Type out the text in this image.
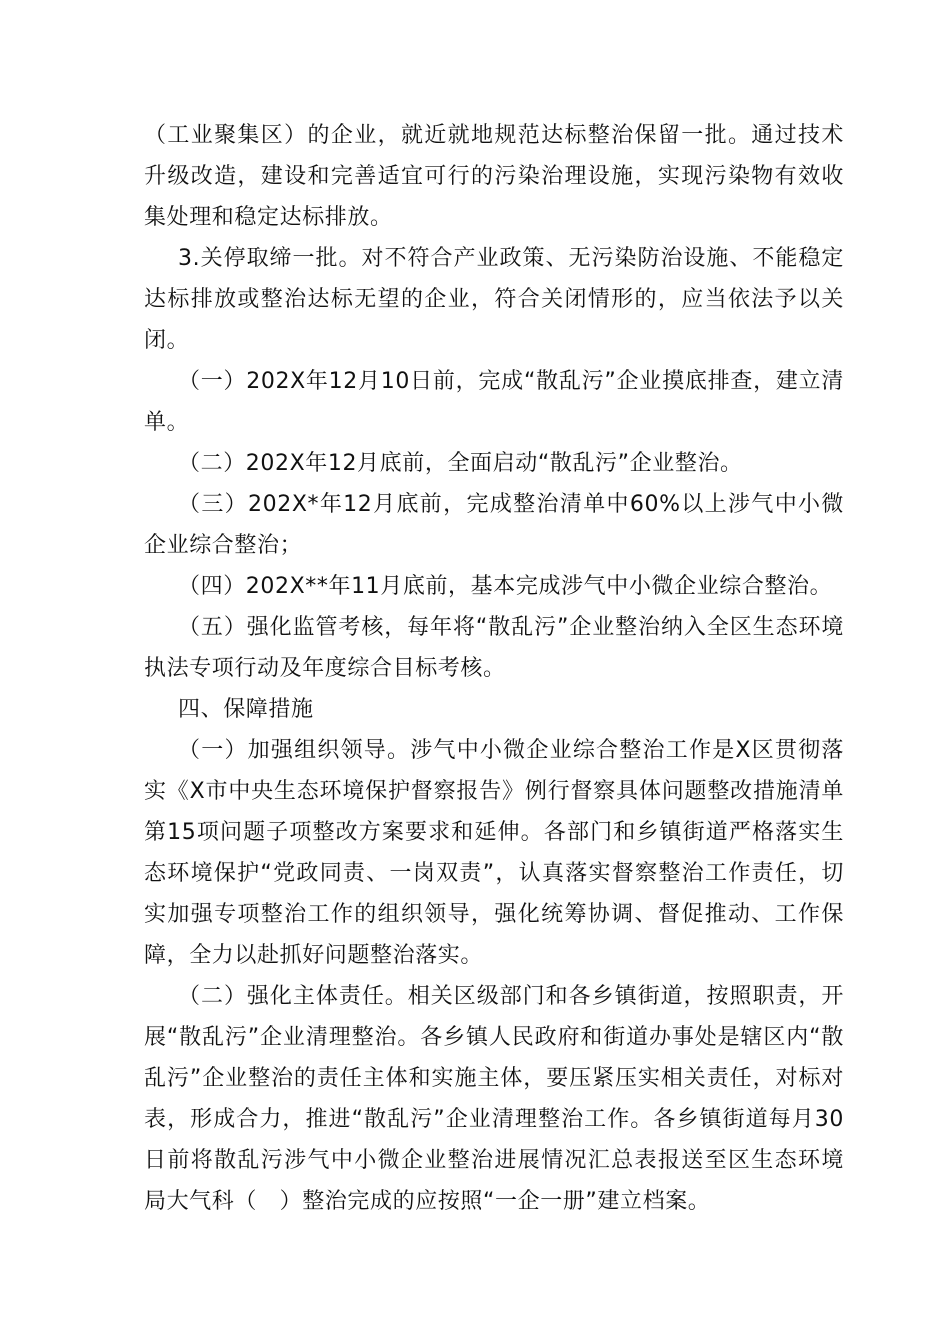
（工业聚集区）的企业，就近就地规范达标整治保留一批。通过技术升级改造，建设和完善适宜可行的污染治理设施，实现污染物有效收集处理和稳定达标排放。

3.关停取缔一批。对不符合产业政策、无污染防治设施、不能稳定达标排放或整治达标无望的企业，符合关闭情形的，应当依法予以关闭。

（一）202X年12月10日前，完成“散乱污”企业摸底排查，建立清单。

（二）202X年12月底前，全面启动“散乱污”企业整治。

（三）202X*年12月底前，完成整治清单中60%以上涉气中小微企业综合整治；

（四）202X**年11月底前，基本完成涉气中小微企业综合整治。

（五）强化监管考核，每年将“散乱污”企业整治纳入全区生态环境执法专项行动及年度综合目标考核。

四、保障措施

（一）加强组织领导。涉气中小微企业综合整治工作是X区贯彻落实《X市中央生态环境保护督察报告》例行督察具体问题整改措施清单第15项问题子项整改方案要求和延伸。各部门和乡镇街道严格落实生态环境保护“党政同责、一岗双责”，认真落实督察整治工作责任，切实加强专项整治工作的组织领导，强化统筹协调、督促推动、工作保障，全力以赴抓好问题整治落实。

（二）强化主体责任。相关区级部门和各乡镇街道，按照职责，开展“散乱污”企业清理整治。各乡镇人民政府和街道办事处是辖区内“散乱污”企业整治的责任主体和实施主体，要压紧压实相关责任，对标对表，形成合力，推进“散乱污”企业清理整治工作。各乡镇街道每月30日前将散乱污涉气中小微企业整治进展情况汇总表报送至区生态环境局大气科（　）整治完成的应按照“一企一册”建立档案。
